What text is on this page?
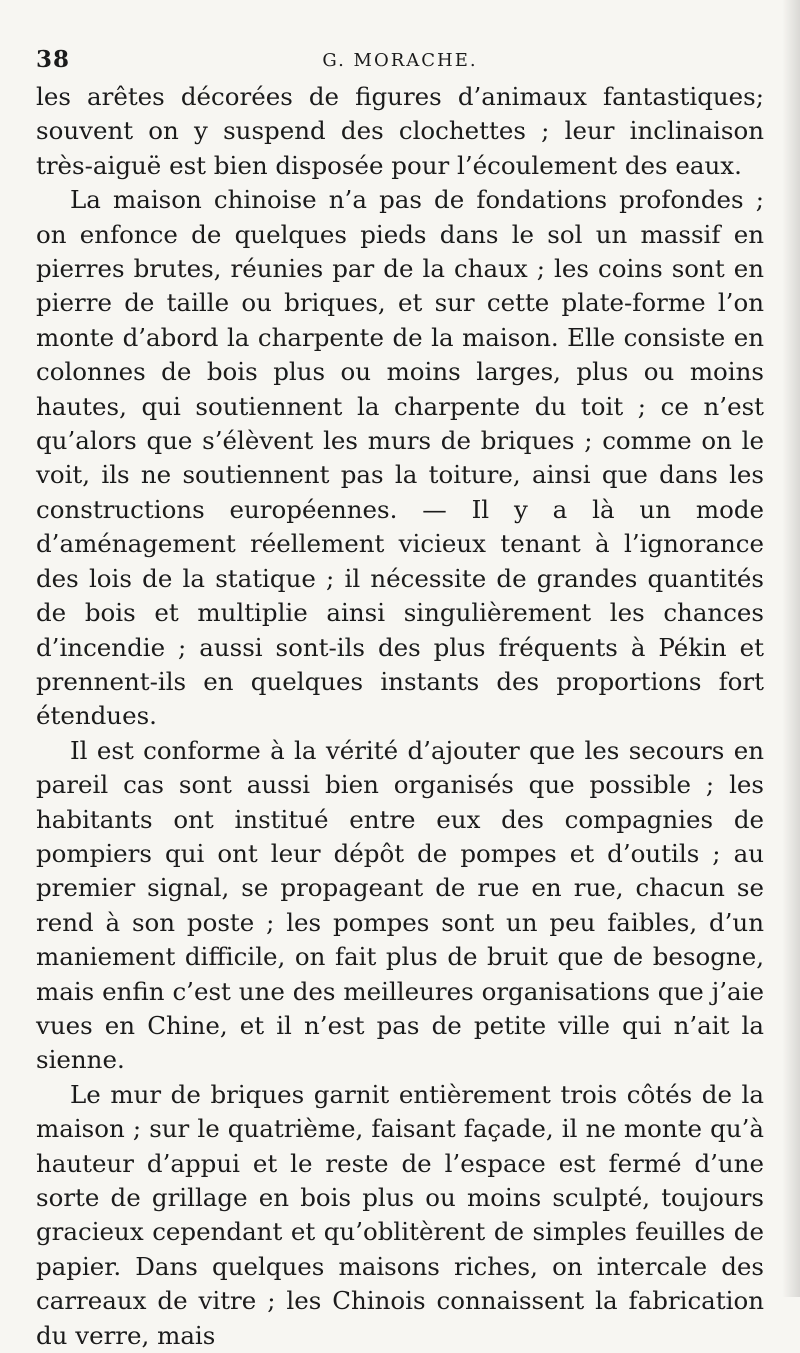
38	G. MORACHE.

les arêtes décorées de figures d’animaux fantastiques; souvent on y suspend des clochettes ; leur inclinaison très-aiguë est bien disposée pour l’écoulement des eaux.

La maison chinoise n’a pas de fondations profondes ; on enfonce de quelques pieds dans le sol un massif en pierres brutes, réunies par de la chaux ; les coins sont en pierre de taille ou briques, et sur cette plate-forme l’on monte d’abord la charpente de la maison. Elle consiste en colonnes de bois plus ou moins larges, plus ou moins hautes, qui soutiennent la charpente du toit ; ce n’est qu’alors que s’élèvent les murs de briques ; comme on le voit, ils ne soutiennent pas la toiture, ainsi que dans les constructions européennes. — Il y a là un mode d’aménagement réellement vicieux tenant à l’ignorance des lois de la statique ; il nécessite de grandes quantités de bois et multiplie ainsi singulièrement les chances d’incendie ; aussi sont-ils des plus fréquents à Pékin et prennent-ils en quelques instants des proportions fort étendues.

Il est conforme à la vérité d’ajouter que les secours en pareil cas sont aussi bien organisés que possible ; les habitants ont institué entre eux des compagnies de pompiers qui ont leur dépôt de pompes et d’outils ; au premier signal, se propageant de rue en rue, chacun se rend à son poste ; les pompes sont un peu faibles, d’un maniement difficile, on fait plus de bruit que de besogne, mais enfin c’est une des meilleures organisations que j’aie vues en Chine, et il n’est pas de petite ville qui n’ait la sienne.

Le mur de briques garnit entièrement trois côtés de la maison ; sur le quatrième, faisant façade, il ne monte qu’à hauteur d’appui et le reste de l’espace est fermé d’une sorte de grillage en bois plus ou moins sculpté, toujours gracieux cependant et qu’oblitèrent de simples feuilles de papier. Dans quelques maisons riches, on intercale des carreaux de vitre ; les Chinois connaissent la fabrication du verre, mais
